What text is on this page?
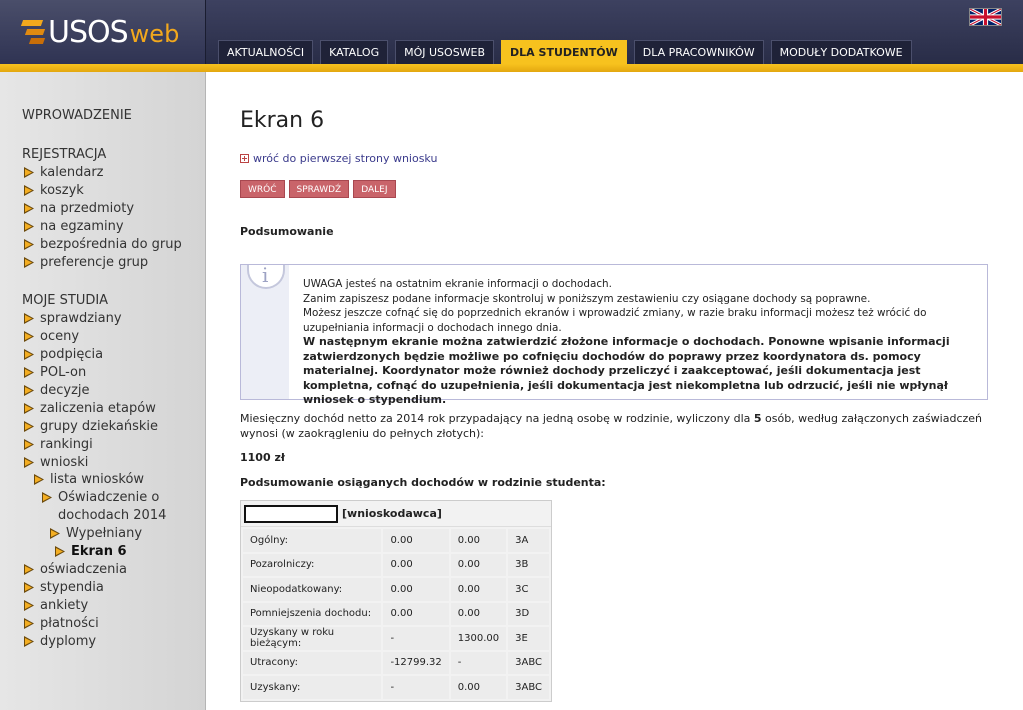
USOS web
AKTUALNOŚCI	KATALOG	MÓJ USOSWEB	DLA STUDENTÓW	DLA PRACOWNIKÓW	MODUŁY DODATKOWE
WPROWADZENIE
REJESTRACJA
kalendarz
koszyk
na przedmioty
na egzaminy
bezpośrednia do grup
preferencje grup
MOJE STUDIA
sprawdziany
oceny
podpięcia
POL-on
decyzje
zaliczenia etapów
grupy dziekańskie
rankingi
wnioski
lista wniosków
Oświadczenie o
dochodach 2014
Wypełniany
Ekran 6
oświadczenia
stypendia
ankiety
płatności
dyplomy
Ekran 6
wróć do pierwszej strony wniosku
WRÓĆ	SPRAWDŹ	DALEJ
Podsumowanie
i	UWAGA jesteś na ostatnim ekranie informacji o dochodach.
Zanim zapiszesz podane informacje skontroluj w poniższym zestawieniu czy osiągane dochody są poprawne.
Możesz jeszcze cofnąć się do poprzednich ekranów i wprowadzić zmiany, w razie braku informacji możesz też wrócić do uzupełniania informacji o dochodach innego dnia.
W następnym ekranie można zatwierdzić złożone informacje o dochodach. Ponowne wpisanie informacji zatwierdzonych będzie możliwe po cofnięciu dochodów do poprawy przez koordynatora ds. pomocy materialnej. Koordynator może również dochody przeliczyć i zaakceptować, jeśli dokumentacja jest kompletna, cofnąć do uzupełnienia, jeśli dokumentacja jest niekompletna lub odrzucić, jeśli nie wpłynął wniosek o stypendium.
Miesięczny dochód netto za 2014 rok przypadający na jedną osobę w rodzinie, wyliczony dla 5 osób, według załączonych zaświadczeń wynosi (w zaokrągleniu do pełnych złotych):
1100 zł
Podsumowanie osiąganych dochodów w rodzinie studenta:
[wnioskodawca]
Ogólny:	0.00	0.00	3A
Pozarolniczy:	0.00	0.00	3B
Nieopodatkowany:	0.00	0.00	3C
Pomniejszenia dochodu:	0.00	0.00	3D
Uzyskany w roku bieżącym:	-	1300.00	3E
Utracony:	-12799.32	-	3ABC
Uzyskany:	-	0.00	3ABC
